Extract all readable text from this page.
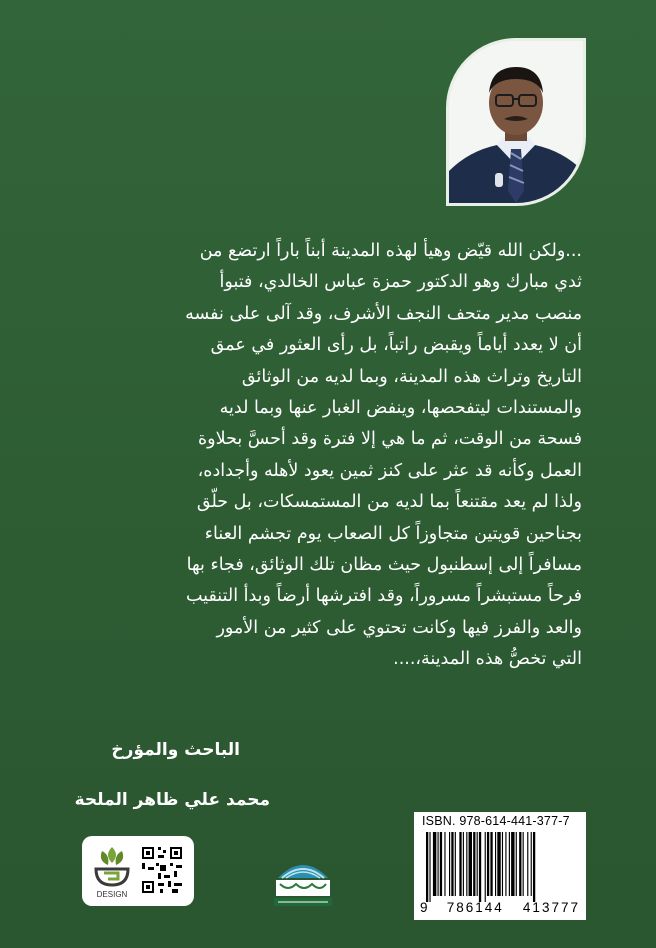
...ولكن الله قيّض وهيأ لهذه المدينة أبناً باراً ارتضع من

ثدي مبارك وهو الدكتور حمزة عباس الخالدي، فتبوأ

منصب مدير متحف النجف الأشرف، وقد آلى على نفسه

أن لا يعدد أياماً ويقبض راتباً، بل رأى العثور في عمق

التاريخ وتراث هذه المدينة، وبما لديه من الوثائق

والمستندات ليتفحصها، وينفض الغبار عنها وبما لديه

فسحة من الوقت، ثم ما هي إلا فترة وقد أحسَّ بحلاوة

العمل وكأنه قد عثر على كنز ثمين يعود لأهله وأجداده،

ولذا لم يعد مقتنعاً بما لديه من المستمسكات، بل حلّق

بجناحين قويتين متجاوزاً كل الصعاب يوم تجشم العناء

مسافراً إلى إسطنبول حيث مظان تلك الوثائق، فجاء بها

فرحاً مستبشراً مسروراً، وقد افترشها أرضاً وبدأ التنقيب

والعد والفرز فيها وكانت تحتوي على كثير من الأمور

التي تخصُّ هذه المدينة،....

الباحث والمؤرخ
محمد علي ظاهر الملحة
DESIGN
ISBN. 978-614-441-377-7
9 786144 413777
